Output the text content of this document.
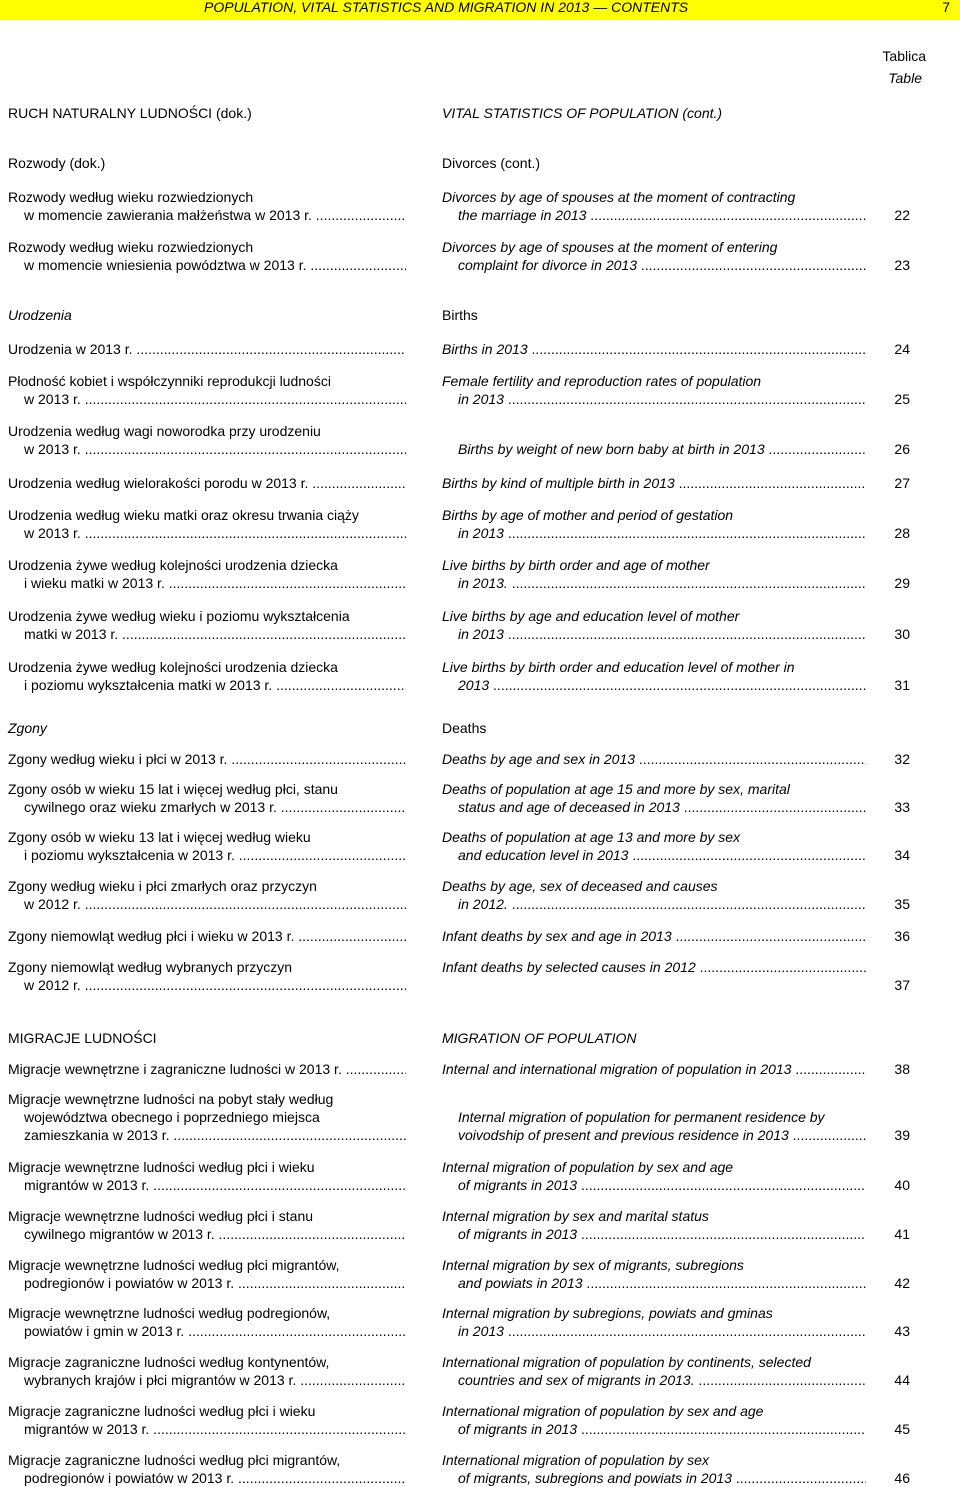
POPULATION, VITAL STATISTICS AND MIGRATION IN 2013 — CONTENTS	7
Tablica
Table
RUCH NATURALNY LUDNOŚCI (dok.)	VITAL STATISTICS OF POPULATION (cont.)
Rozwody (dok.)	Divorces (cont.)
Rozwody według wieku rozwiedzionych
w momencie zawierania małżeństwa w 2013 r. .....
Divorces by age of spouses at the moment of contracting
the marriage in 2013 .....	22
Rozwody według wieku rozwiedzionych
w momencie wniesienia powództwa w 2013 r. .....
Divorces by age of spouses at the moment of entering
complaint for divorce in 2013 .....	23
Urodzenia	Births
Urodzenia w 2013 r. .....	Births in 2013 .....	24
Płodność kobiet i współczynniki reprodukcji ludności
w 2013 r. .....
Female fertility and reproduction rates of population
in 2013 .....	25
Urodzenia według wagi noworodka przy urodzeniu
w 2013 r. .....	Births by weight of new born baby at birth in 2013 .....	26
Urodzenia według wielorakości porodu w 2013 r. .....	Births by kind of multiple birth in 2013 .....	27
Urodzenia według wieku matki oraz okresu trwania ciąży
w 2013 r. .....
Births by age of mother and period of gestation
in 2013 .....	28
Urodzenia żywe według kolejności urodzenia dziecka
i wieku matki w 2013 r. .....
Live births by birth order and age of mother
in 2013. .....	29
Urodzenia żywe według wieku i poziomu wykształcenia
matki w 2013 r. .....
Live births by age and education level of mother
in 2013 .....	30
Urodzenia żywe według kolejności urodzenia dziecka
i poziomu wykształcenia matki w 2013 r. .....
Live births by birth order and education level of mother in
2013 .....	31
Zgony	Deaths
Zgony według wieku i płci w 2013 r. .....	Deaths by age and sex in 2013 .....	32
Zgony osób w wieku 15 lat i więcej według płci, stanu
cywilnego oraz wieku zmarłych w 2013 r. .....
Deaths of population at age 15 and more by sex, marital
status and age of deceased in 2013 .....	33
Zgony osób w wieku 13 lat i więcej według wieku
i poziomu wykształcenia w 2013 r. .....
Deaths of population at age 13 and more by sex
and education level in 2013 .....	34
Zgony według wieku i płci zmarłych oraz przyczyn
w 2012 r. .....
Deaths by age, sex of deceased and causes
in 2012. .....	35
Zgony niemowląt według płci i wieku w 2013 r. .....	Infant deaths by sex and age in 2013 .....	36
Zgony niemowląt według wybranych przyczyn
w 2012 r. .....
Infant deaths by selected causes in 2012 .....
37
MIGRACJE LUDNOŚCI	MIGRATION OF POPULATION
Migracje wewnętrzne i zagraniczne ludności w 2013 r. .....	Internal and international migration of population in 2013 .....	38
Migracje wewnętrzne ludności na pobyt stały według
województwa obecnego i poprzedniego miejsca
zamieszkania w 2013 r. .....
Internal migration of population for permanent residence by
voivodship of present and previous residence in 2013 .....	39
Migracje wewnętrzne ludności według płci i wieku
migrantów w 2013 r. .....
Internal migration of population by sex and age
of migrants in 2013 .....	40
Migracje wewnętrzne ludności według płci i stanu
cywilnego migrantów w 2013 r. .....
Internal migration by sex and marital status
of migrants in 2013 .....	41
Migracje wewnętrzne ludności według płci migrantów,
podregionów i powiatów w 2013 r. .....
Internal migration by sex of migrants, subregions
and powiats in 2013 .....	42
Migracje wewnętrzne ludności według podregionów,
powiatów i gmin w 2013 r. .....
Internal migration by subregions, powiats and gminas
in 2013 .....	43
Migracje zagraniczne ludności według kontynentów,
wybranych krajów i płci migrantów w 2013 r. .....
International migration of population by continents, selected
countries and sex of migrants in 2013. .....	44
Migracje zagraniczne ludności według płci i wieku
migrantów w 2013 r. .....
International migration of population by sex and age
of migrants in 2013 .....	45
Migracje zagraniczne ludności według płci migrantów,
podregionów i powiatów w 2013 r. .....
International migration of population by sex
of migrants, subregions and powiats in 2013 .....	46
